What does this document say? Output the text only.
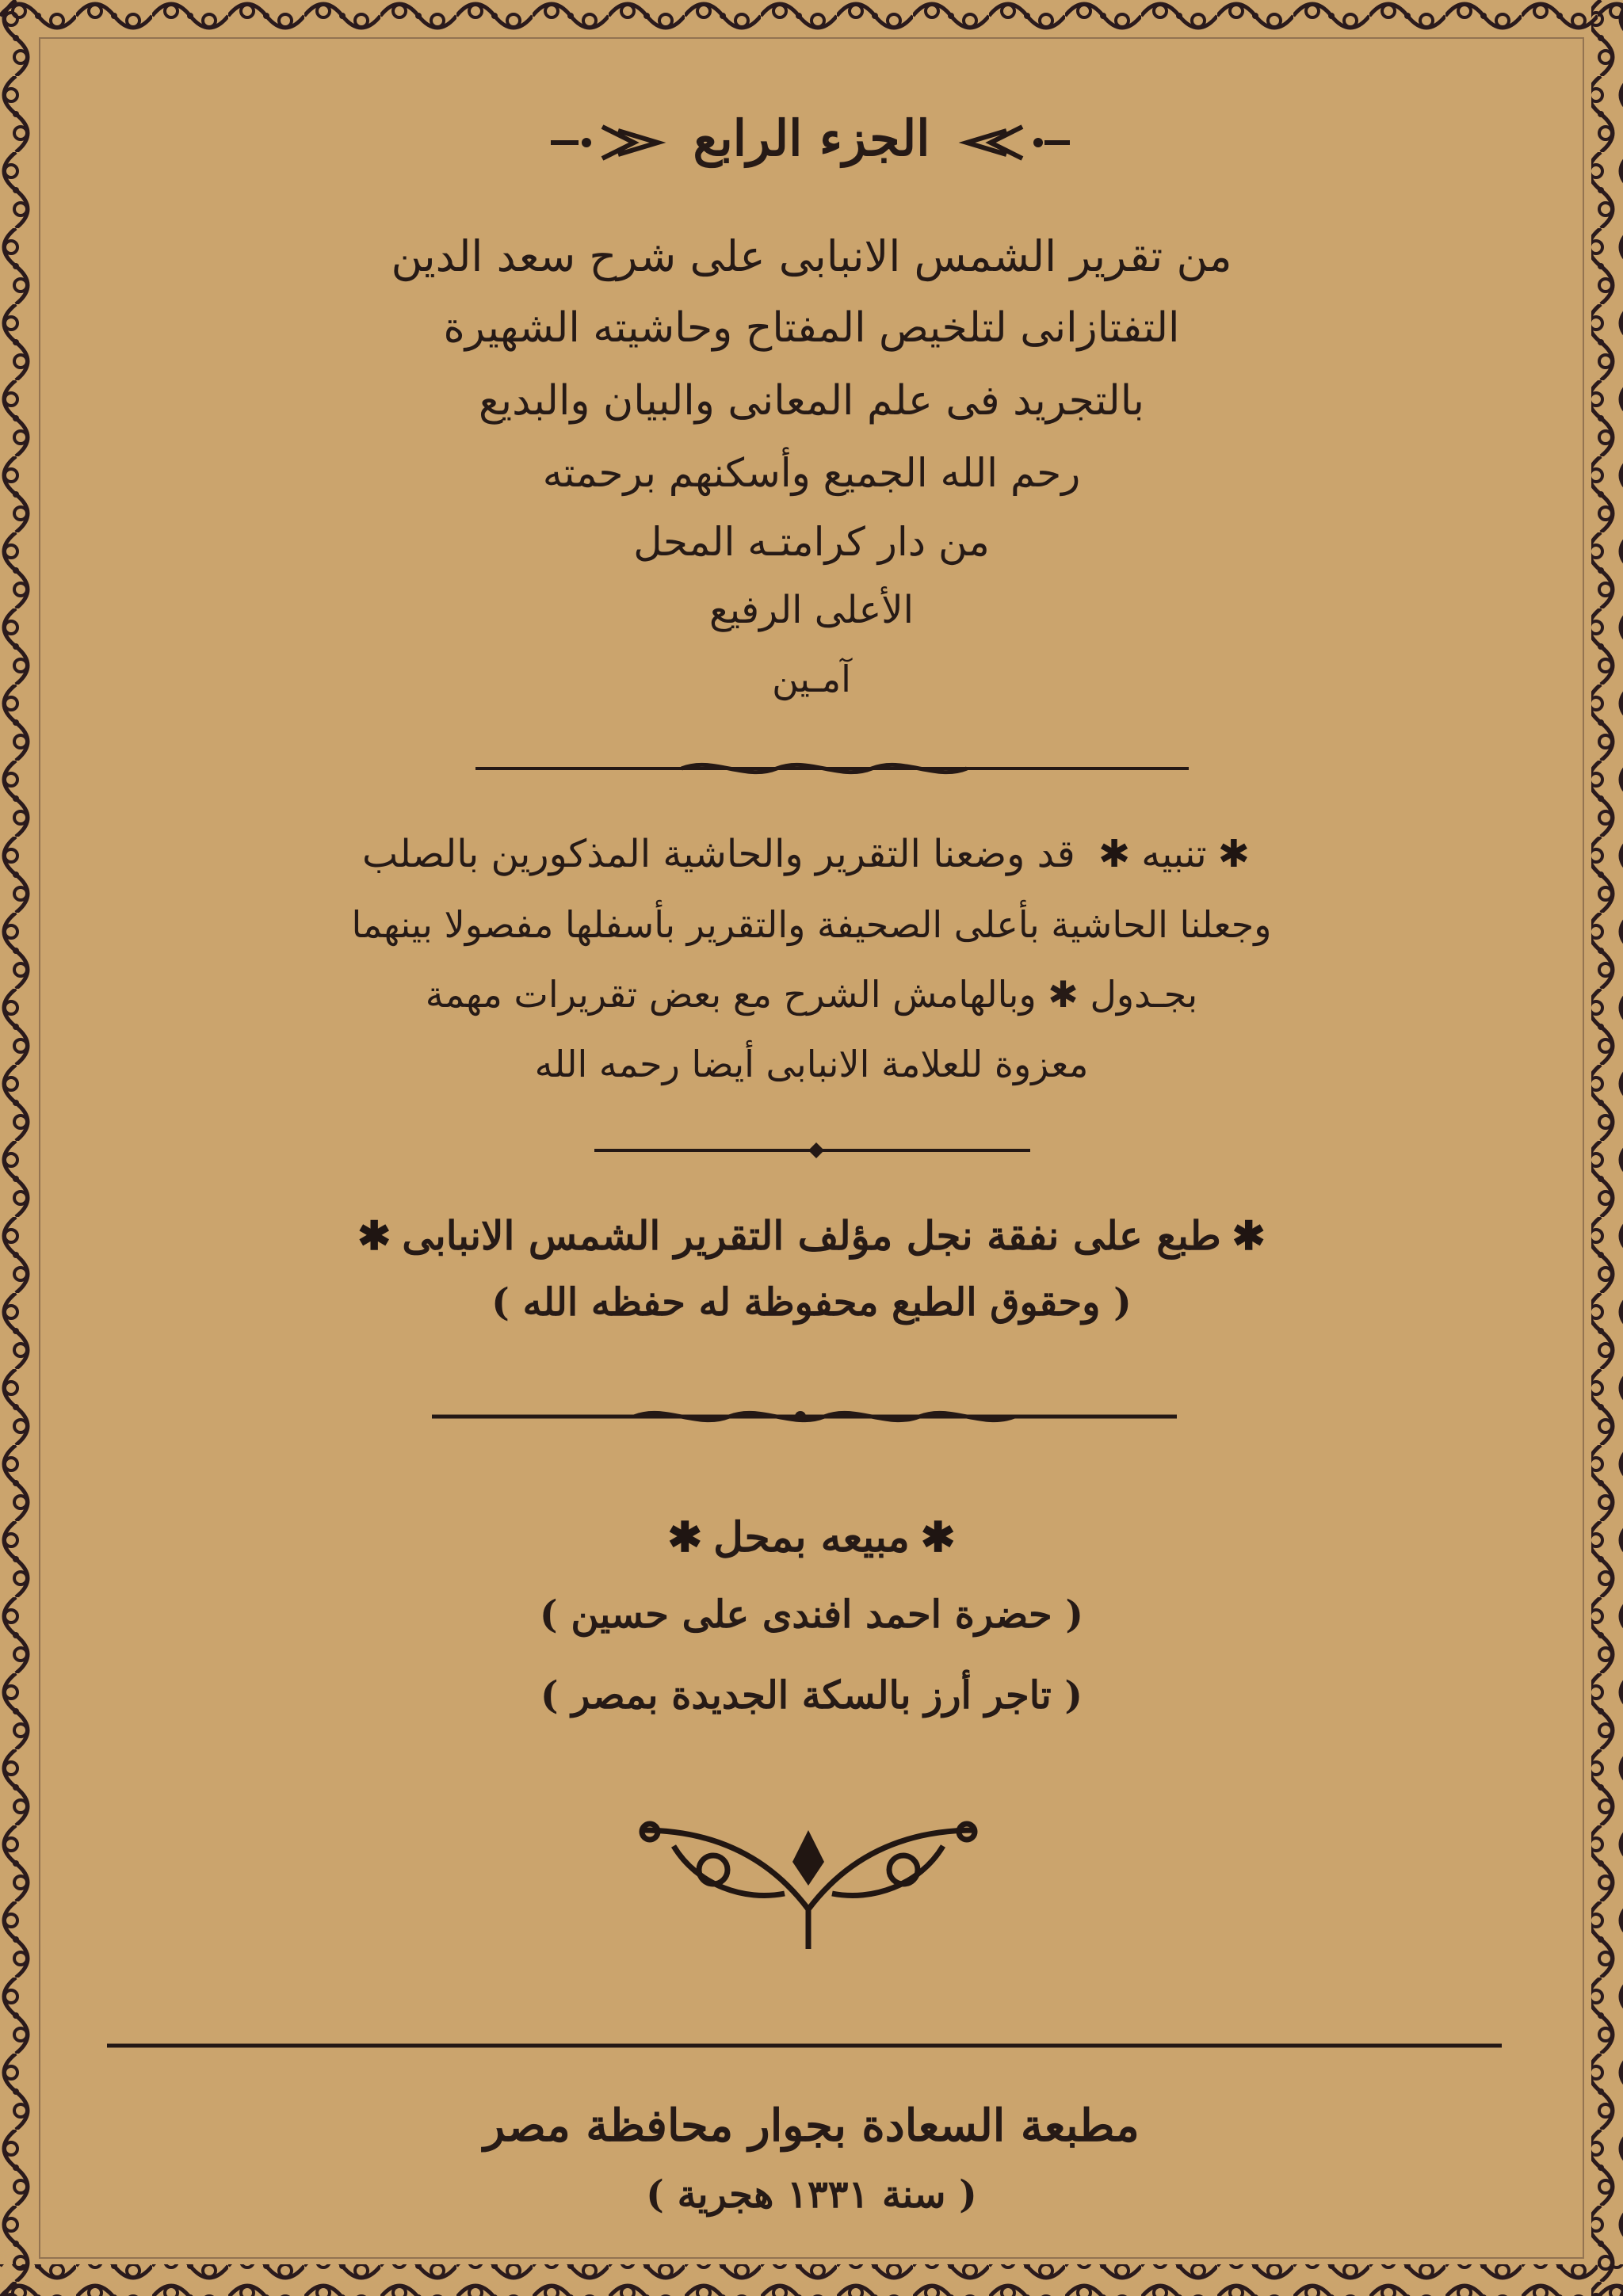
الجزء الرابع
من تقرير الشمس الانبابى على شرح سعد الدين
التفتازانى لتلخيص المفتاح وحاشيته الشهيرة
بالتجريد فى علم المعانى والبيان والبديع
رحم الله الجميع وأسكنهم برحمته
من دار كرامتـه المحل
الأعلى الرفيع
آمـين
✱تنبيه✱ قد وضعنا التقرير والحاشية المذكورين بالصلب
وجعلنا الحاشية بأعلى الصحيفة والتقرير بأسفلها مفصولا بينهما
بجـدول ✱ وبالهامش الشرح مع بعض تقريرات مهمة
معزوة للعلامة الانبابى أيضا رحمه الله
✱طبع على نفقة نجل مؤلف التقرير الشمس الانبابى✱
( وحقوق الطبع محفوظة له حفظه الله )
✱مبيعه بمحل✱
( حضرة احمد افندى على حسين )
( تاجر أرز بالسكة الجديدة بمصر )
مطبعة السعادة بجوار محافظة مصر
( سنة ١٣٣١ هجرية )
